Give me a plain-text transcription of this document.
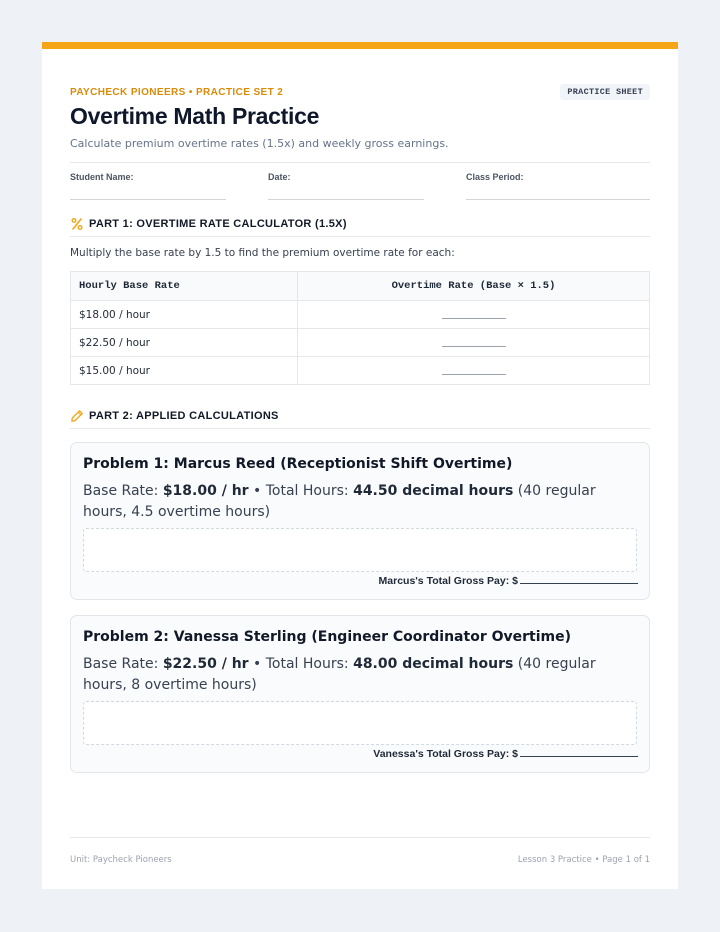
PAYCHECK PIONEERS • PRACTICE SET 2	PRACTICE SHEET
Overtime Math Practice
Calculate premium overtime rates (1.5x) and weekly gross earnings.
Student Name:	Date:	Class Period:
PART 1: OVERTIME RATE CALCULATOR (1.5X)
Multiply the base rate by 1.5 to find the premium overtime rate for each:
Hourly Base Rate	Overtime Rate (Base × 1.5)
$18.00 / hour	
$22.50 / hour	
$15.00 / hour	
PART 2: APPLIED CALCULATIONS
Problem 1: Marcus Reed (Receptionist Shift Overtime)
Base Rate: $18.00 / hr • Total Hours: 44.50 decimal hours (40 regular hours, 4.5 overtime hours)
Marcus's Total Gross Pay: $
Problem 2: Vanessa Sterling (Engineer Coordinator Overtime)
Base Rate: $22.50 / hr • Total Hours: 48.00 decimal hours (40 regular hours, 8 overtime hours)
Vanessa's Total Gross Pay: $
Unit: Paycheck Pioneers	Lesson 3 Practice • Page 1 of 1
